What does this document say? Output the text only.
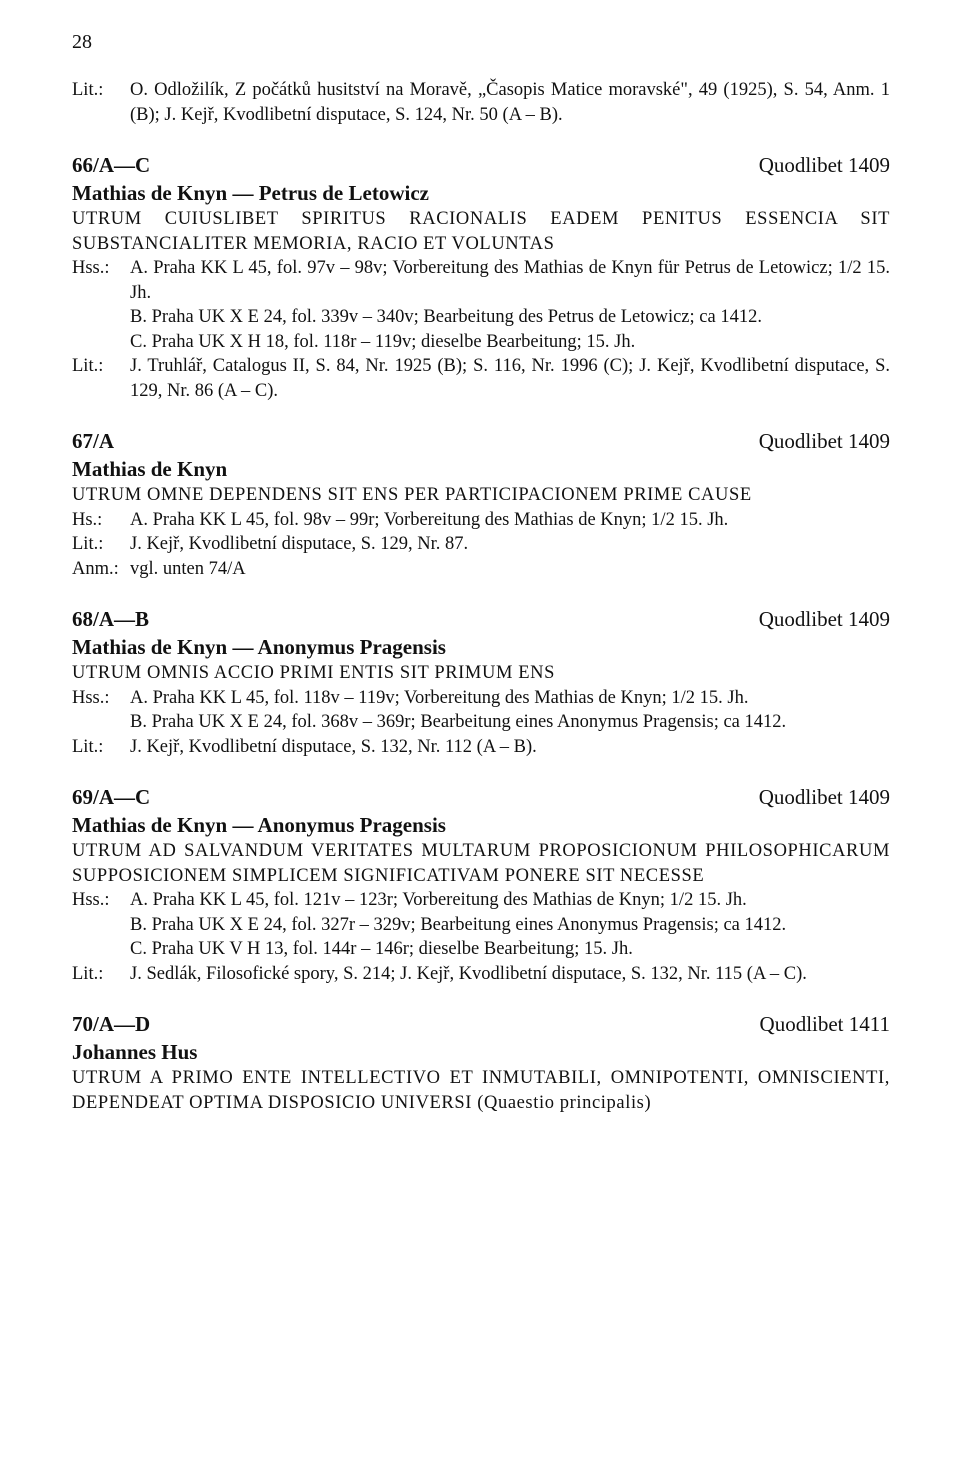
28
Lit.:	O. Odložilík, Z počátků husitství na Moravě, „Časopis Matice moravské", 49 (1925), S. 54, Anm. 1 (B); J. Kejř, Kvodlibetní disputace, S. 124, Nr. 50 (A – B).
66/A—C	Quodlibet 1409
Mathias de Knyn — Petrus de Letowicz
UTRUM CUIUSLIBET SPIRITUS RACIONALIS EADEM PENITUS ESSENCIA SIT SUBSTANCIALITER MEMORIA, RACIO ET VOLUNTAS
Hss.:	A. Praha KK L 45, fol. 97v – 98v; Vorbereitung des Mathias de Knyn für Petrus de Letowicz; 1/2 15. Jh.
B. Praha UK X E 24, fol. 339v – 340v; Bearbeitung des Petrus de Letowicz; ca 1412.
C. Praha UK X H 18, fol. 118r – 119v; dieselbe Bearbeitung; 15. Jh.
Lit.:	J. Truhlář, Catalogus II, S. 84, Nr. 1925 (B); S. 116, Nr. 1996 (C); J. Kejř, Kvodlibetní disputace, S. 129, Nr. 86 (A – C).
67/A	Quodlibet 1409
Mathias de Knyn
UTRUM OMNE DEPENDENS SIT ENS PER PARTICIPACIONEM PRIME CAUSE
Hs.:	A. Praha KK L 45, fol. 98v – 99r; Vorbereitung des Mathias de Knyn; 1/2 15. Jh.
Lit.:	J. Kejř, Kvodlibetní disputace, S. 129, Nr. 87.
Anm.: vgl. unten 74/A
68/A—B	Quodlibet 1409
Mathias de Knyn — Anonymus Pragensis
UTRUM OMNIS ACCIO PRIMI ENTIS SIT PRIMUM ENS
Hss.:	A. Praha KK L 45, fol. 118v – 119v; Vorbereitung des Mathias de Knyn; 1/2 15. Jh.
B. Praha UK X E 24, fol. 368v – 369r; Bearbeitung eines Anonymus Pragensis; ca 1412.
Lit.:	J. Kejř, Kvodlibetní disputace, S. 132, Nr. 112 (A – B).
69/A—C	Quodlibet 1409
Mathias de Knyn — Anonymus Pragensis
UTRUM AD SALVANDUM VERITATES MULTARUM PROPOSICIONUM PHILOSOPHICARUM SUPPOSICIONEM SIMPLICEM SIGNIFICATIVAM PONERE SIT NECESSE
Hss.:	A. Praha KK L 45, fol. 121v – 123r; Vorbereitung des Mathias de Knyn; 1/2 15. Jh.
B. Praha UK X E 24, fol. 327r – 329v; Bearbeitung eines Anonymus Pragensis; ca 1412.
C. Praha UK V H 13, fol. 144r – 146r; dieselbe Bearbeitung; 15. Jh.
Lit.:	J. Sedlák, Filosofické spory, S. 214; J. Kejř, Kvodlibetní disputace, S. 132, Nr. 115 (A – C).
70/A—D	Quodlibet 1411
Johannes Hus
UTRUM A PRIMO ENTE INTELLECTIVO ET INMUTABILI, OMNIPOTENTI, OMNISCIENTI, DEPENDEAT OPTIMA DISPOSICIO UNIVERSI (Quaestio principalis)
